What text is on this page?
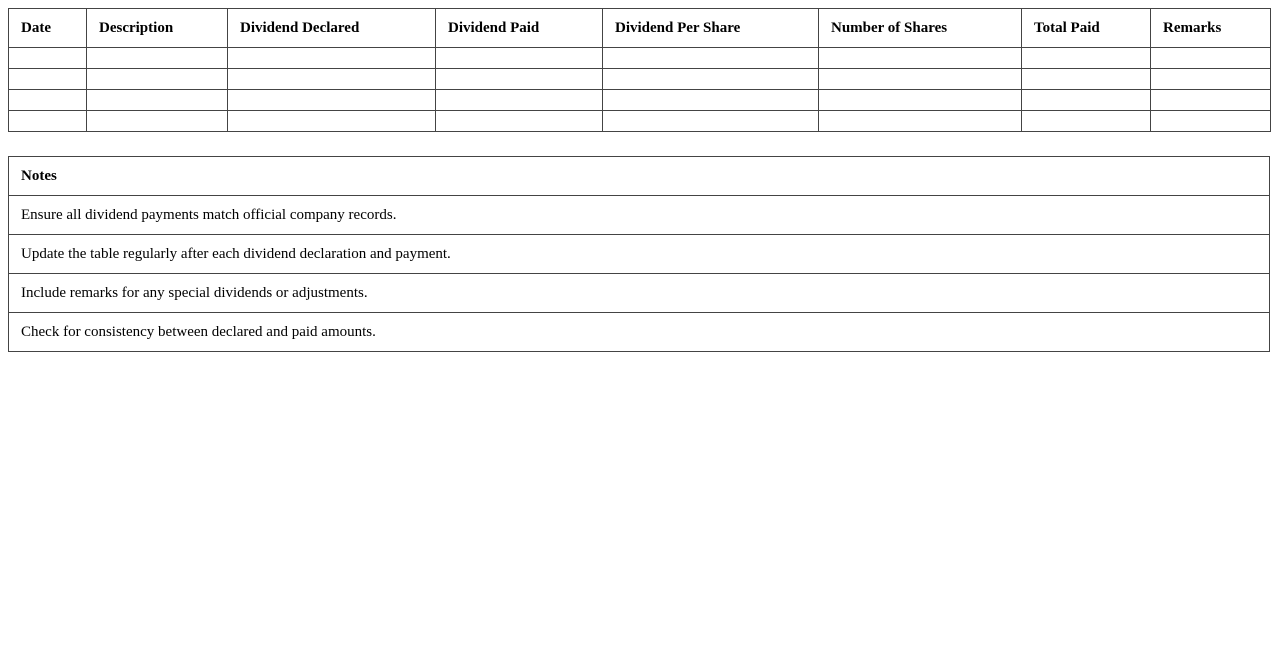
Date	Description	Dividend Declared	Dividend Paid	Dividend Per Share	Number of Shares	Total Paid	Remarks

Notes
Ensure all dividend payments match official company records.
Update the table regularly after each dividend declaration and payment.
Include remarks for any special dividends or adjustments.
Check for consistency between declared and paid amounts.
